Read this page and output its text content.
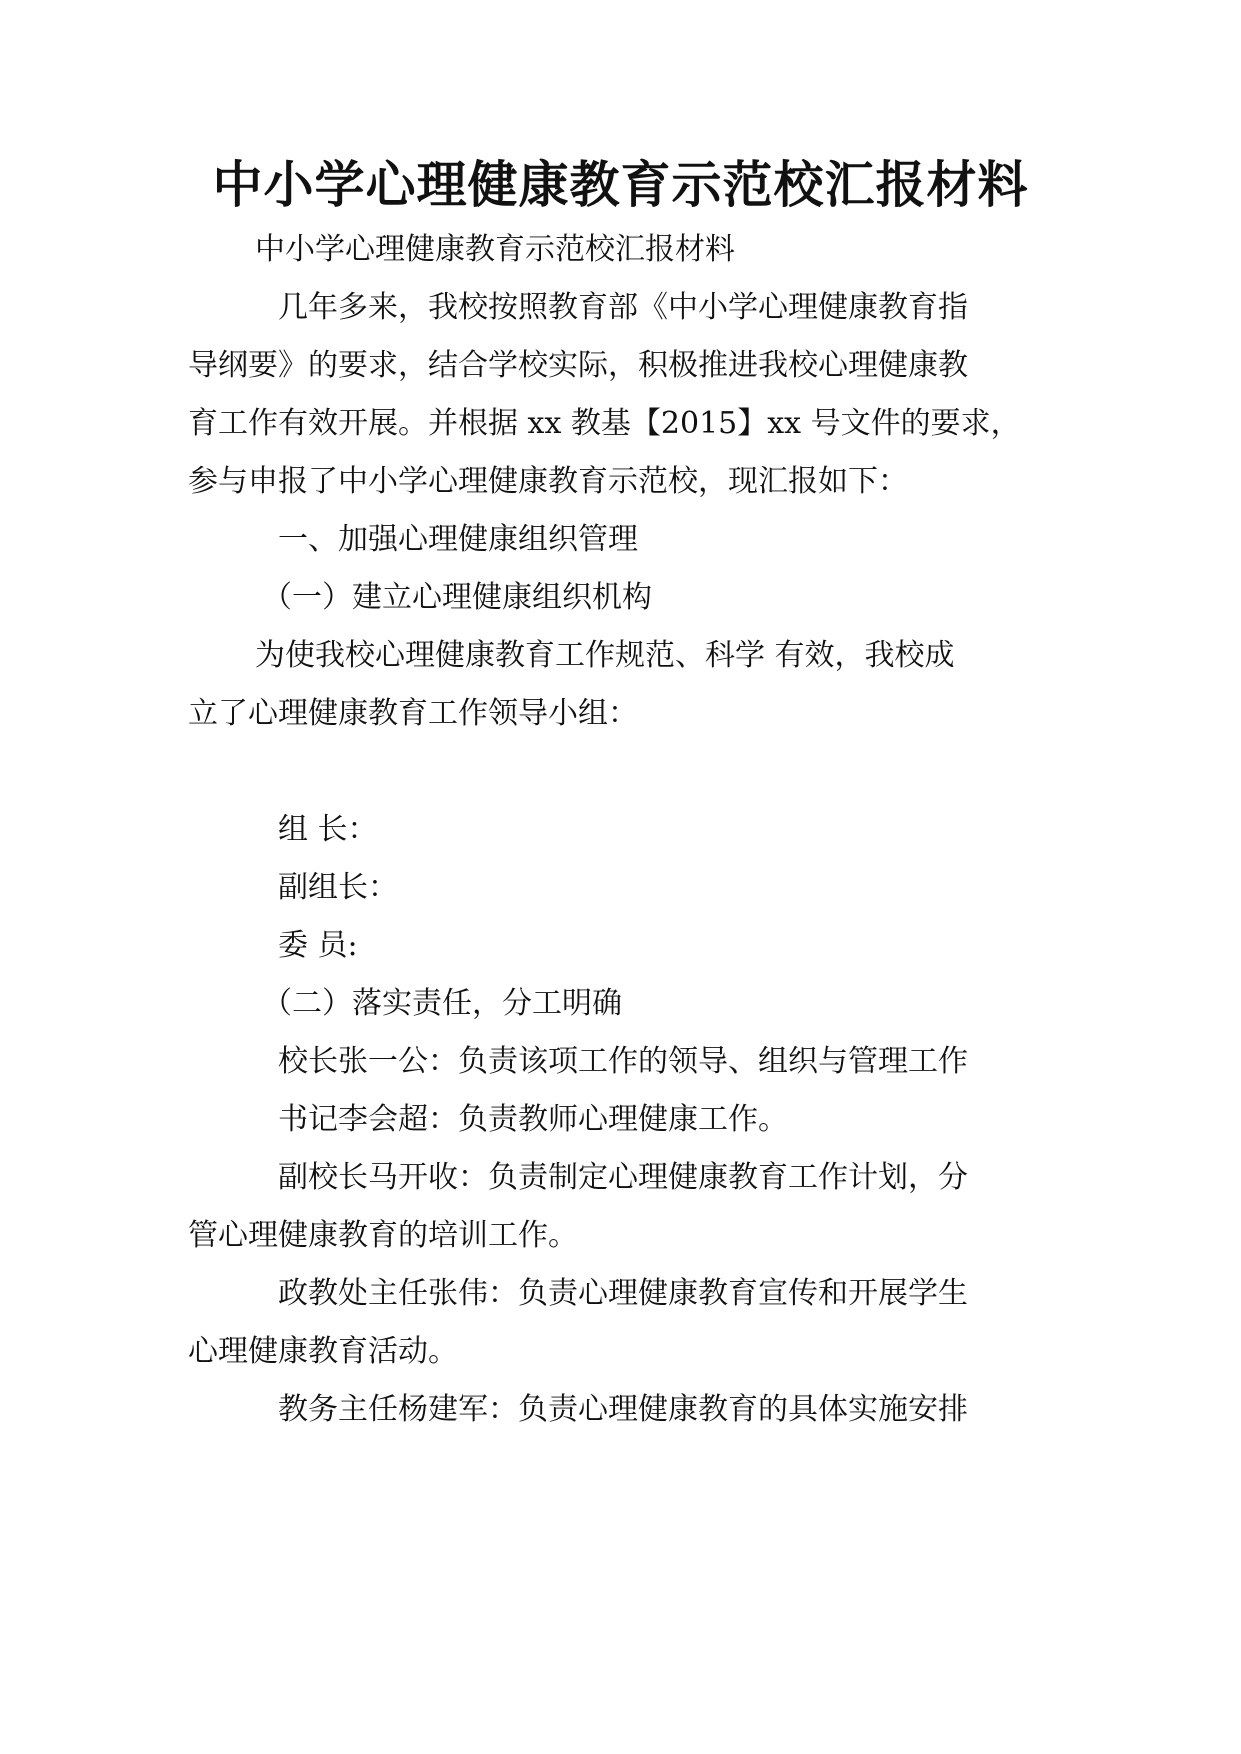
中小学心理健康教育示范校汇报材料
中小学心理健康教育示范校汇报材料
几年多来，我校按照教育部《中小学心理健康教育指
导纲要》的要求，结合学校实际，积极推进我校心理健康教
育工作有效开展。并根据 xx 教基【2015】xx 号文件的要求，
参与申报了中小学心理健康教育示范校，现汇报如下：
一、加强心理健康组织管理
（一）建立心理健康组织机构
为使我校心理健康教育工作规范、科学 有效，我校成
立了心理健康教育工作领导小组：
组 长：
副组长：
委 员:
（二）落实责任，分工明确
校长张一公：负责该项工作的领导、组织与管理工作
书记李会超：负责教师心理健康工作。
副校长马开收：负责制定心理健康教育工作计划，分
管心理健康教育的培训工作。
政教处主任张伟：负责心理健康教育宣传和开展学生
心理健康教育活动。
教务主任杨建军：负责心理健康教育的具体实施安排
